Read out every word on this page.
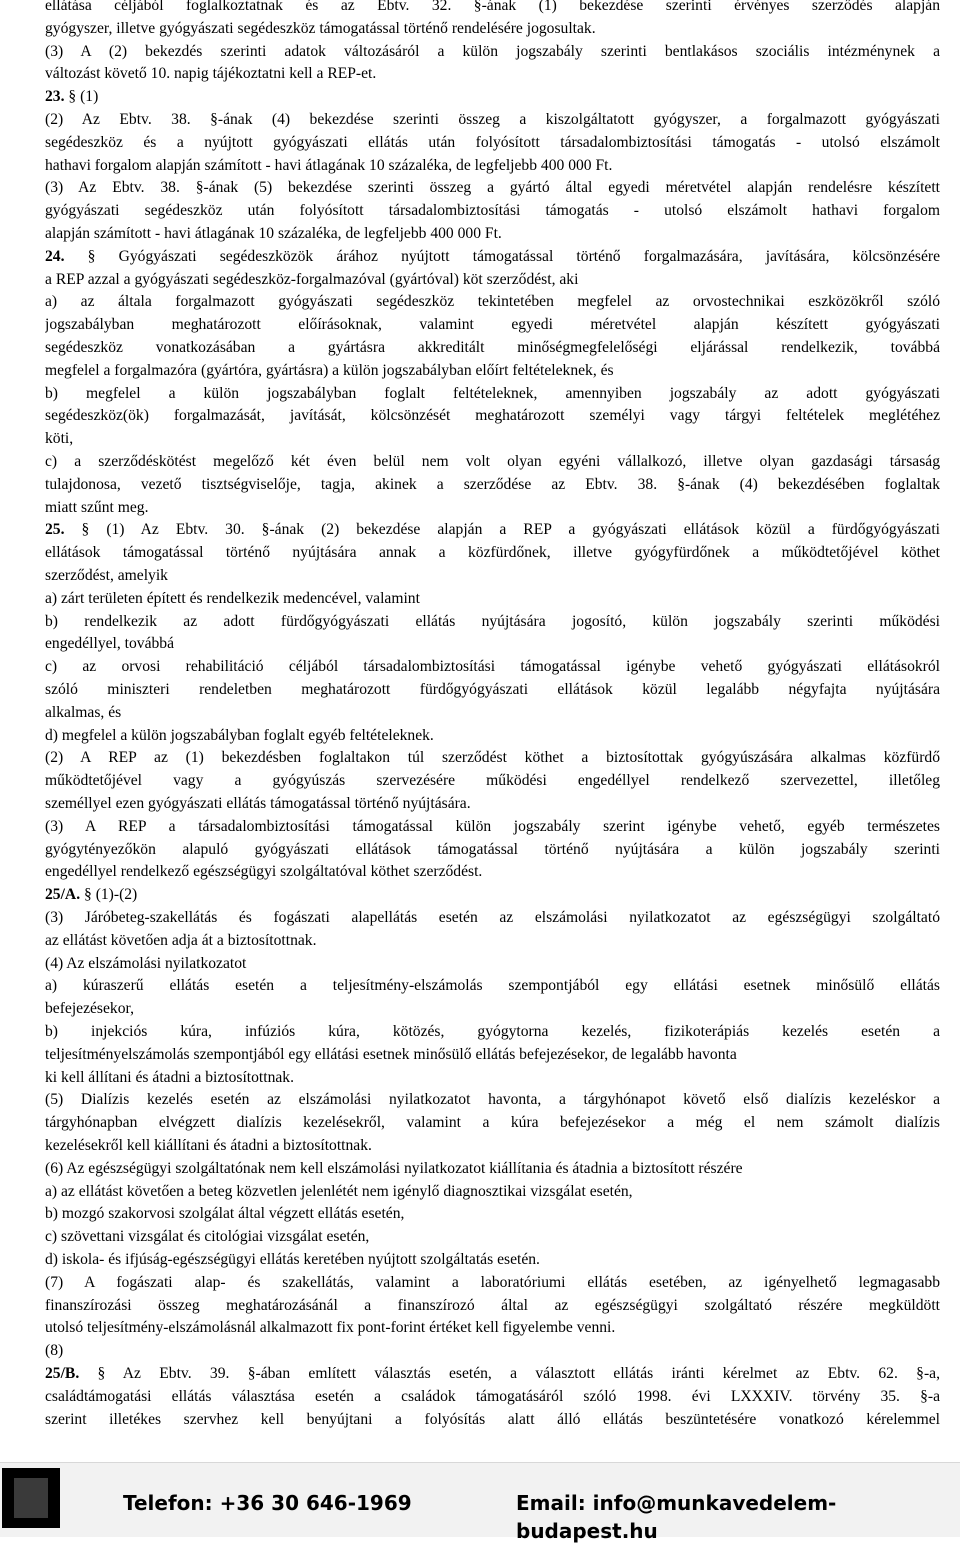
ellátása céljából foglalkoztatnak és az Ebtv. 32. §-ának (1) bekezdése szerinti érvényes szerződés alapján
gyógyszer, illetve gyógyászati segédeszköz támogatással történő rendelésére jogosultak.
(3) A (2) bekezdés szerinti adatok változásáról a külön jogszabály szerinti bentlakásos szociális intézménynek a
változást követő 10. napig tájékoztatni kell a REP-et.
23. § (1)
(2) Az Ebtv. 38. §-ának (4) bekezdése szerinti összeg a kiszolgáltatott gyógyszer, a forgalmazott gyógyászati
segédeszköz és a nyújtott gyógyászati ellátás után folyósított társadalombiztosítási támogatás - utolsó elszámolt
hathavi forgalom alapján számított - havi átlagának 10 százaléka, de legfeljebb 400 000 Ft.
(3) Az Ebtv. 38. §-ának (5) bekezdése szerinti összeg a gyártó által egyedi méretvétel alapján rendelésre készített
gyógyászati segédeszköz után folyósított társadalombiztosítási támogatás - utolsó elszámolt hathavi forgalom
alapján számított - havi átlagának 10 százaléka, de legfeljebb 400 000 Ft.
24. § Gyógyászati segédeszközök árához nyújtott támogatással történő forgalmazására, javítására, kölcsönzésére
a REP azzal a gyógyászati segédeszköz-forgalmazóval (gyártóval) köt szerződést, aki
a) az általa forgalmazott gyógyászati segédeszköz tekintetében megfelel az orvostechnikai eszközökről szóló
jogszabályban meghatározott előírásoknak, valamint egyedi méretvétel alapján készített gyógyászati
segédeszköz vonatkozásában a gyártásra akkreditált minőségmegfelelőségi eljárással rendelkezik, továbbá
megfelel a forgalmazóra (gyártóra, gyártásra) a külön jogszabályban előírt feltételeknek, és
b) megfelel a külön jogszabályban foglalt feltételeknek, amennyiben jogszabály az adott gyógyászati
segédeszköz(ök) forgalmazását, javítását, kölcsönzését meghatározott személyi vagy tárgyi feltételek meglétéhez
köti,
c) a szerződéskötést megelőző két éven belül nem volt olyan egyéni vállalkozó, illetve olyan gazdasági társaság
tulajdonosa, vezető tisztségviselője, tagja, akinek a szerződése az Ebtv. 38. §-ának (4) bekezdésében foglaltak
miatt szűnt meg.
25. § (1) Az Ebtv. 30. §-ának (2) bekezdése alapján a REP a gyógyászati ellátások közül a fürdőgyógyászati
ellátások támogatással történő nyújtására annak a közfürdőnek, illetve gyógyfürdőnek a működtetőjével köthet
szerződést, amelyik
a) zárt területen épített és rendelkezik medencével, valamint
b) rendelkezik az adott fürdőgyógyászati ellátás nyújtására jogosító, külön jogszabály szerinti működési
engedéllyel, továbbá
c) az orvosi rehabilitáció céljából társadalombiztosítási támogatással igénybe vehető gyógyászati ellátásokról
szóló miniszteri rendeletben meghatározott fürdőgyógyászati ellátások közül legalább négyfajta nyújtására
alkalmas, és
d) megfelel a külön jogszabályban foglalt egyéb feltételeknek.
(2) A REP az (1) bekezdésben foglaltakon túl szerződést köthet a biztosítottak gyógyúszására alkalmas közfürdő
működtetőjével vagy a gyógyúszás szervezésére működési engedéllyel rendelkező szervezettel, illetőleg
személlyel ezen gyógyászati ellátás támogatással történő nyújtására.
(3) A REP a társadalombiztosítási támogatással külön jogszabály szerint igénybe vehető, egyéb természetes
gyógytényezőkön alapuló gyógyászati ellátások támogatással történő nyújtására a külön jogszabály szerinti
engedéllyel rendelkező egészségügyi szolgáltatóval köthet szerződést.
25/A. § (1)-(2)
(3) Járóbeteg-szakellátás és fogászati alapellátás esetén az elszámolási nyilatkozatot az egészségügyi szolgáltató
az ellátást követően adja át a biztosítottnak.
(4) Az elszámolási nyilatkozatot
a) kúraszerű ellátás esetén a teljesítmény-elszámolás szempontjából egy ellátási esetnek minősülő ellátás
befejezésekor,
b) injekciós kúra, infúziós kúra, kötözés, gyógytorna kezelés, fizikoterápiás kezelés esetén a
teljesítményelszámolás szempontjából egy ellátási esetnek minősülő ellátás befejezésekor, de legalább havonta
ki kell állítani és átadni a biztosítottnak.
(5) Dialízis kezelés esetén az elszámolási nyilatkozatot havonta, a tárgyhónapot követő első dialízis kezeléskor a
tárgyhónapban elvégzett dialízis kezelésekről, valamint a kúra befejezésekor a még el nem számolt dialízis
kezelésekről kell kiállítani és átadni a biztosítottnak.
(6) Az egészségügyi szolgáltatónak nem kell elszámolási nyilatkozatot kiállítania és átadnia a biztosított részére
a) az ellátást követően a beteg közvetlen jelenlétét nem igénylő diagnosztikai vizsgálat esetén,
b) mozgó szakorvosi szolgálat által végzett ellátás esetén,
c) szövettani vizsgálat és citológiai vizsgálat esetén,
d) iskola- és ifjúság-egészségügyi ellátás keretében nyújtott szolgáltatás esetén.
(7) A fogászati alap- és szakellátás, valamint a laboratóriumi ellátás esetében, az igényelhető legmagasabb
finanszírozási összeg meghatározásánál a finanszírozó által az egészségügyi szolgáltató részére megküldött
utolsó teljesítmény-elszámolásnál alkalmazott fix pont-forint értéket kell figyelembe venni.
(8)
25/B. § Az Ebtv. 39. §-ában említett választás esetén, a választott ellátás iránti kérelmet az Ebtv. 62. §-a,
családtámogatási ellátás választása esetén a családok támogatásáról szóló 1998. évi LXXXIV. törvény 35. §-a
szerint illetékes szervhez kell benyújtani a folyósítás alatt álló ellátás beszüntetésére vonatkozó kérelemmel
Telefon: +36 30 646-1969	Email: info@munkavedelem-budapest.hu
